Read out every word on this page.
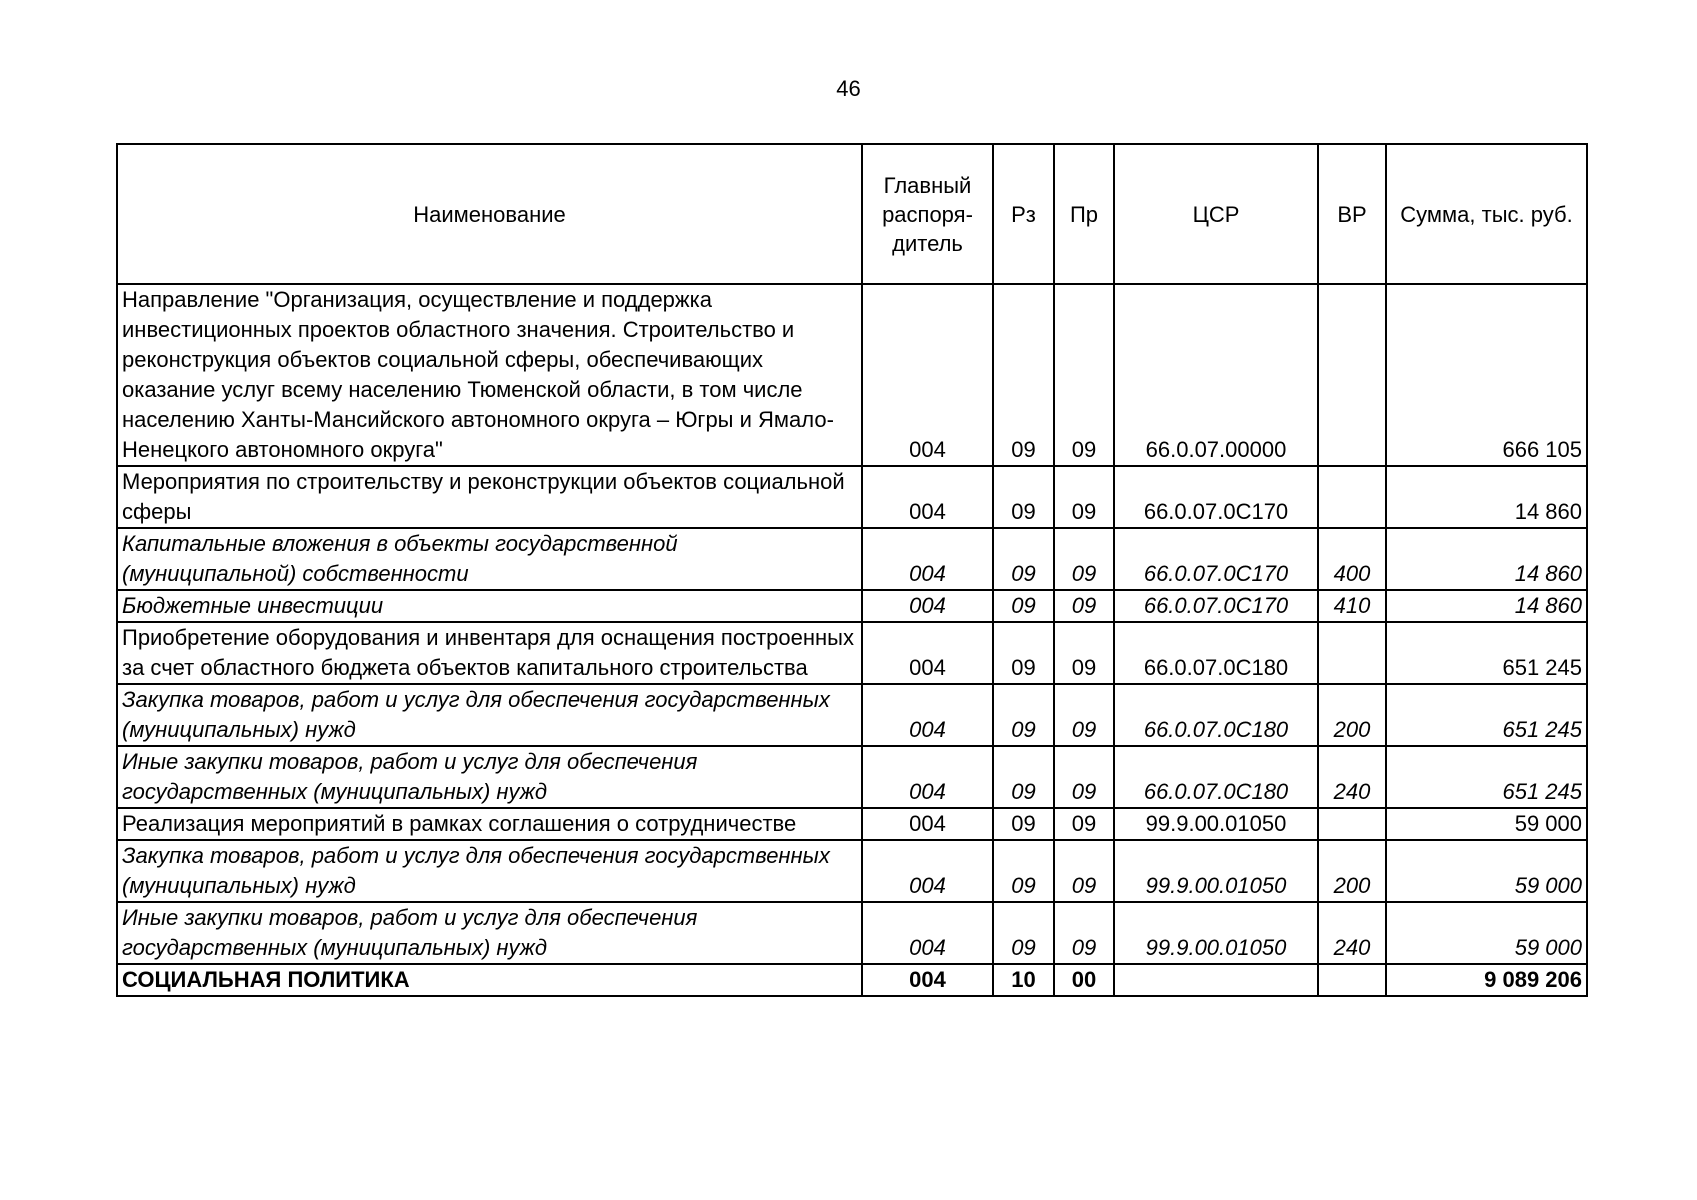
46
Наименование	Главный распоря-дитель	Рз	Пр	ЦСР	ВР	Сумма, тыс. руб.
Направление "Организация, осуществление и поддержка инвестиционных проектов областного значения. Строительство и реконструкция объектов социальной сферы, обеспечивающих оказание услуг всему населению Тюменской области, в том числе населению Ханты-Мансийского автономного округа – Югры и Ямало-Ненецкого автономного округа"	004	09	09	66.0.07.00000		666 105
Мероприятия по строительству и реконструкции объектов социальной сферы	004	09	09	66.0.07.0С170		14 860
Капитальные вложения в объекты государственной (муниципальной) собственности	004	09	09	66.0.07.0С170	400	14 860
Бюджетные инвестиции	004	09	09	66.0.07.0С170	410	14 860
Приобретение оборудования и инвентаря для оснащения построенных за счет областного бюджета объектов капитального строительства	004	09	09	66.0.07.0С180		651 245
Закупка товаров, работ и услуг для обеспечения государственных (муниципальных) нужд	004	09	09	66.0.07.0С180	200	651 245
Иные закупки товаров, работ и услуг для обеспечения государственных (муниципальных) нужд	004	09	09	66.0.07.0С180	240	651 245
Реализация мероприятий в рамках соглашения о сотрудничестве	004	09	09	99.9.00.01050		59 000
Закупка товаров, работ и услуг для обеспечения государственных (муниципальных) нужд	004	09	09	99.9.00.01050	200	59 000
Иные закупки товаров, работ и услуг для обеспечения государственных (муниципальных) нужд	004	09	09	99.9.00.01050	240	59 000
СОЦИАЛЬНАЯ ПОЛИТИКА	004	10	00			9 089 206
